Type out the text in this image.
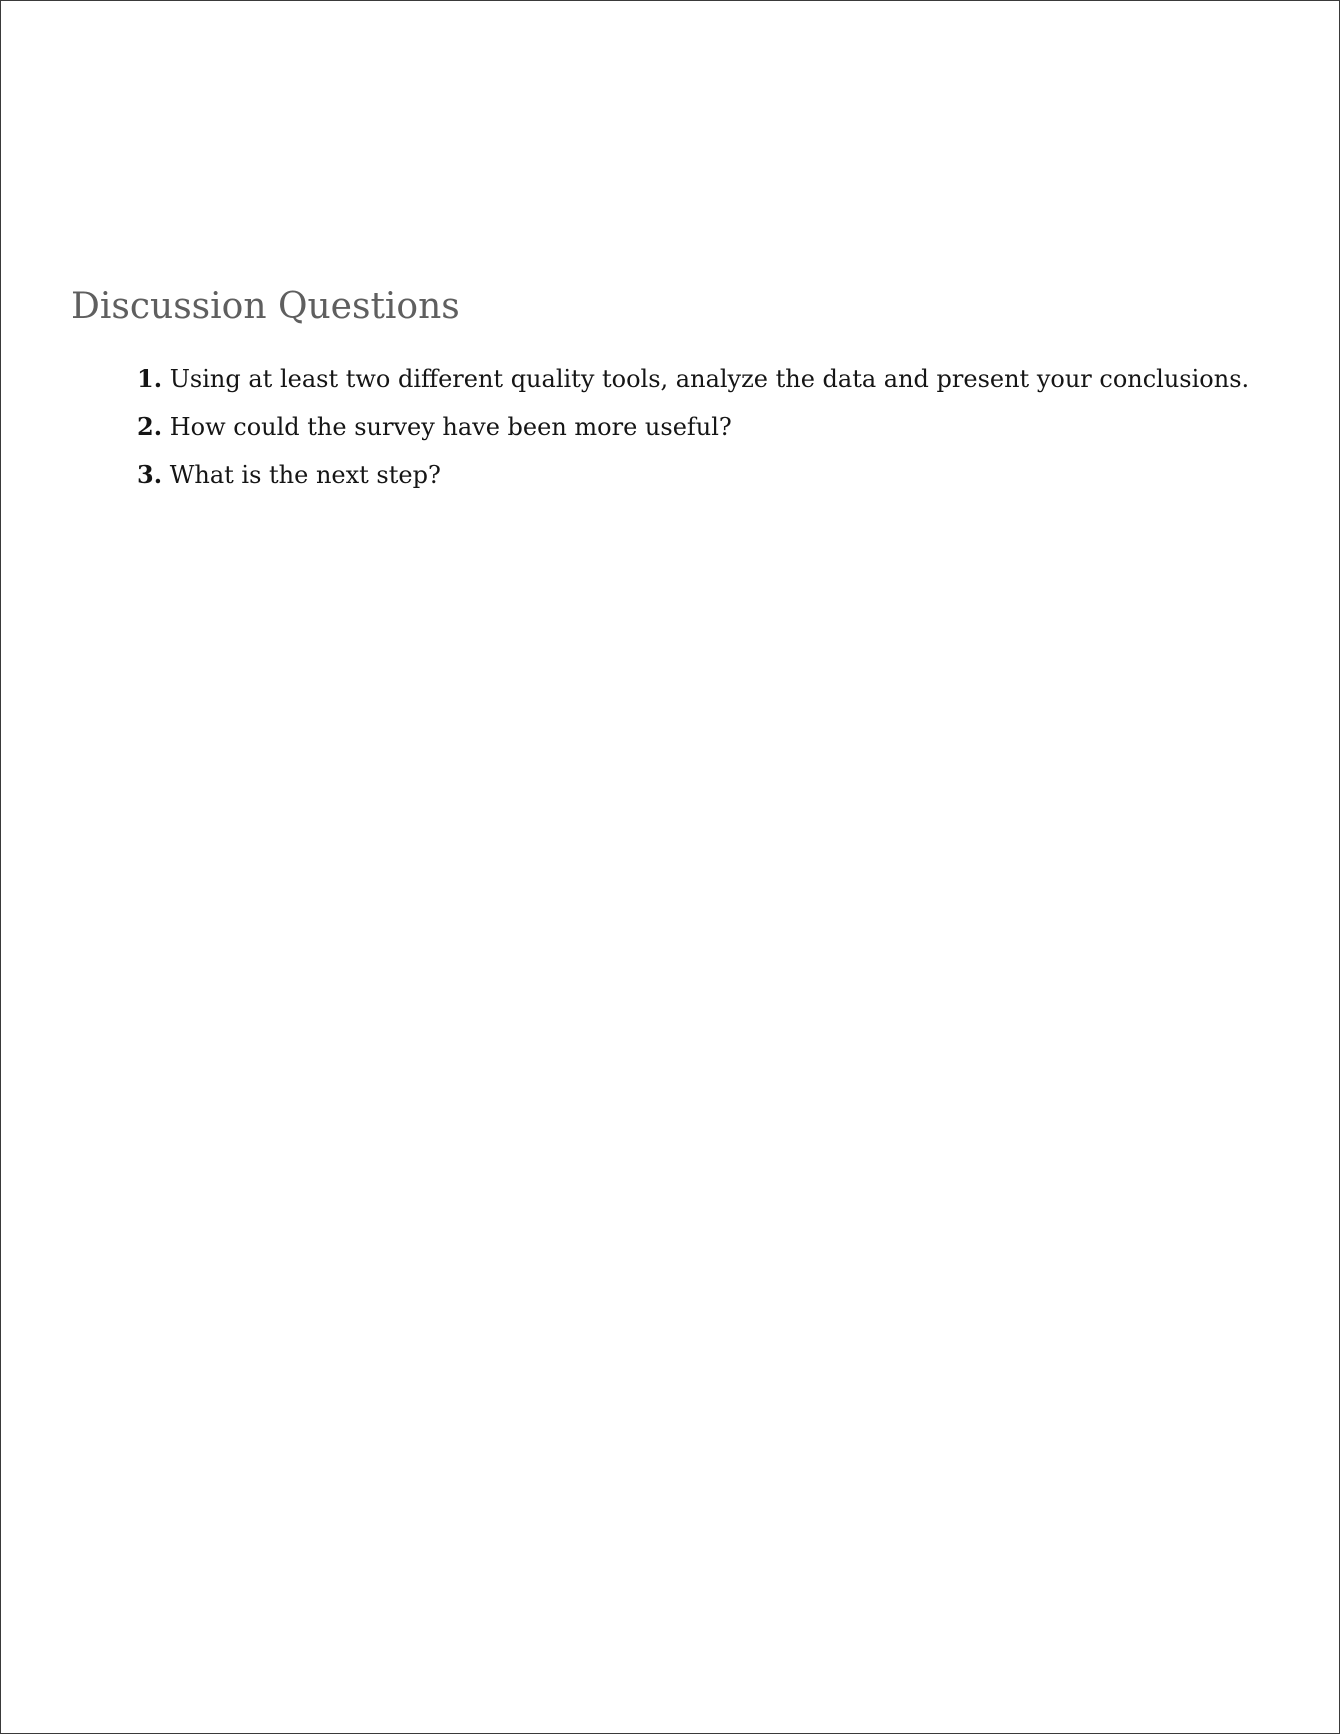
Discussion Questions
1. Using at least two different quality tools, analyze the data and present your conclusions.
2. How could the survey have been more useful?
3. What is the next step?
